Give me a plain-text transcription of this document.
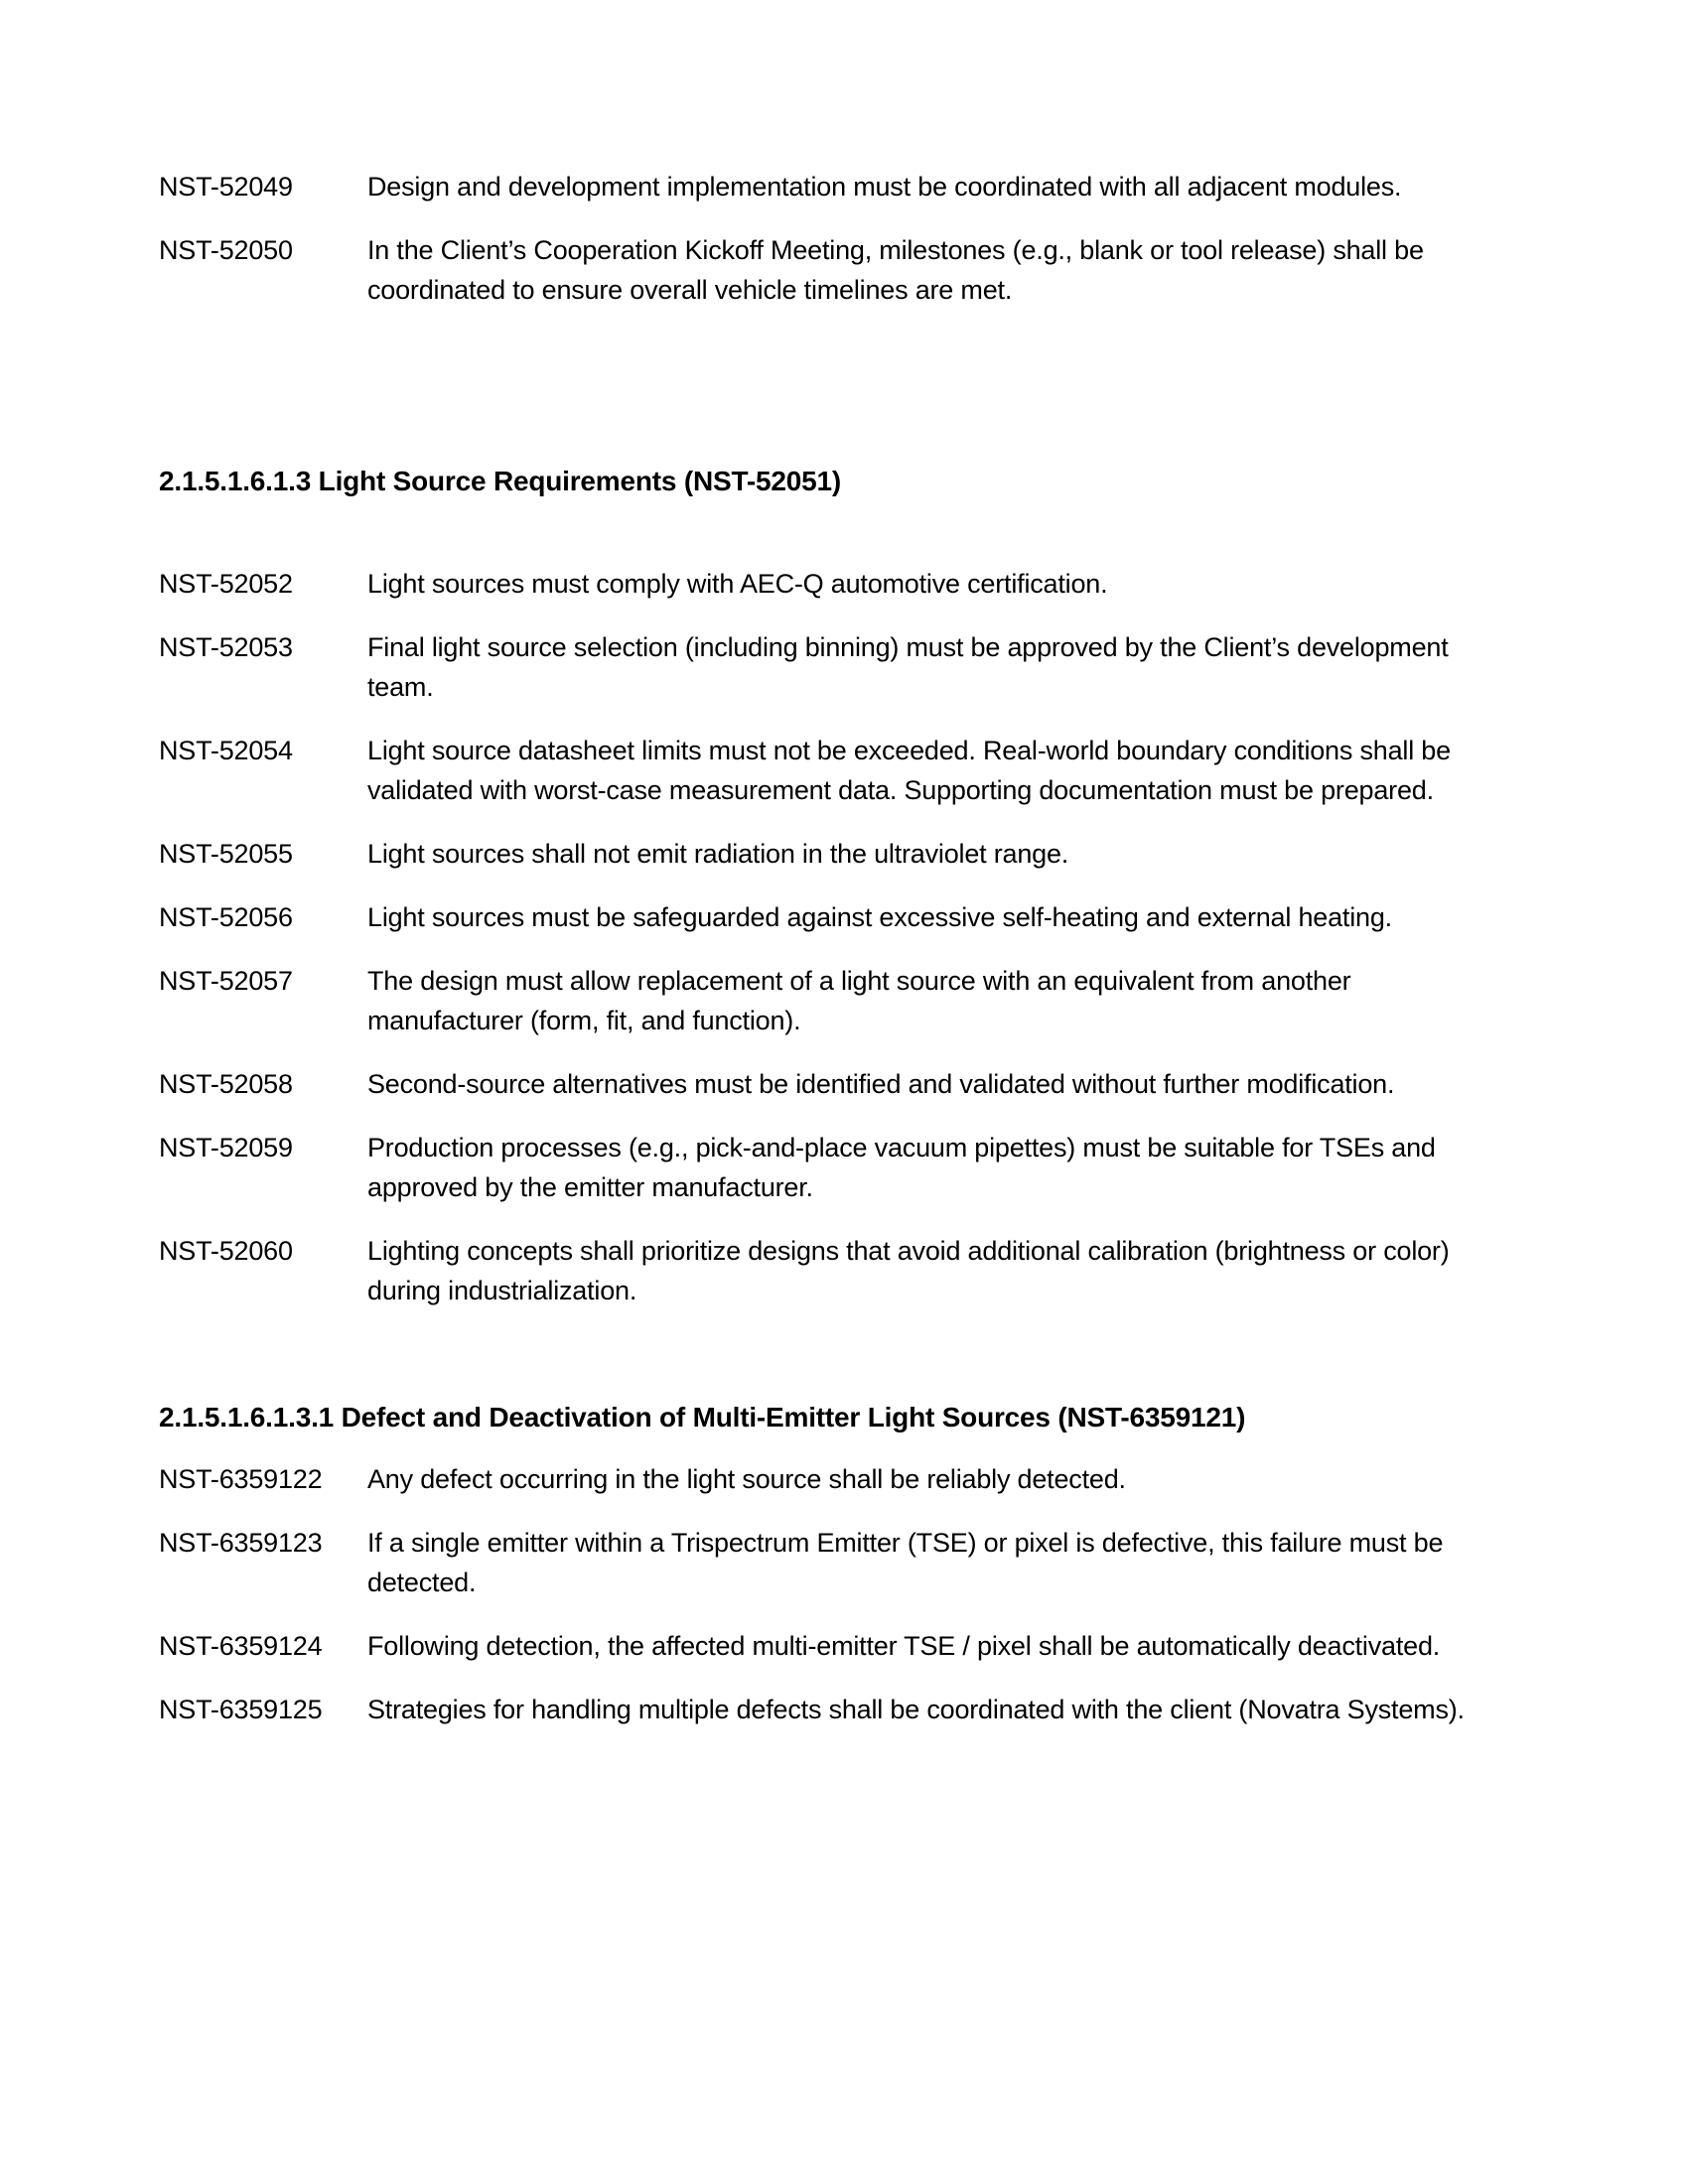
NST-52049	Design and development implementation must be coordinated with all adjacent modules.
NST-52050	In the Client’s Cooperation Kickoff Meeting, milestones (e.g., blank or tool release) shall be coordinated to ensure overall vehicle timelines are met.
2.1.5.1.6.1.3 Light Source Requirements (NST-52051)
NST-52052	Light sources must comply with AEC-Q automotive certification.
NST-52053	Final light source selection (including binning) must be approved by the Client’s development team.
NST-52054	Light source datasheet limits must not be exceeded. Real-world boundary conditions shall be validated with worst-case measurement data. Supporting documentation must be prepared.
NST-52055	Light sources shall not emit radiation in the ultraviolet range.
NST-52056	Light sources must be safeguarded against excessive self-heating and external heating.
NST-52057	The design must allow replacement of a light source with an equivalent from another manufacturer (form, fit, and function).
NST-52058	Second-source alternatives must be identified and validated without further modification.
NST-52059	Production processes (e.g., pick-and-place vacuum pipettes) must be suitable for TSEs and approved by the emitter manufacturer.
NST-52060	Lighting concepts shall prioritize designs that avoid additional calibration (brightness or color) during industrialization.
2.1.5.1.6.1.3.1 Defect and Deactivation of Multi-Emitter Light Sources (NST-6359121)
NST-6359122	Any defect occurring in the light source shall be reliably detected.
NST-6359123	If a single emitter within a Trispectrum Emitter (TSE) or pixel is defective, this failure must be detected.
NST-6359124	Following detection, the affected multi-emitter TSE / pixel shall be automatically deactivated.
NST-6359125	Strategies for handling multiple defects shall be coordinated with the client (Novatra Systems).
